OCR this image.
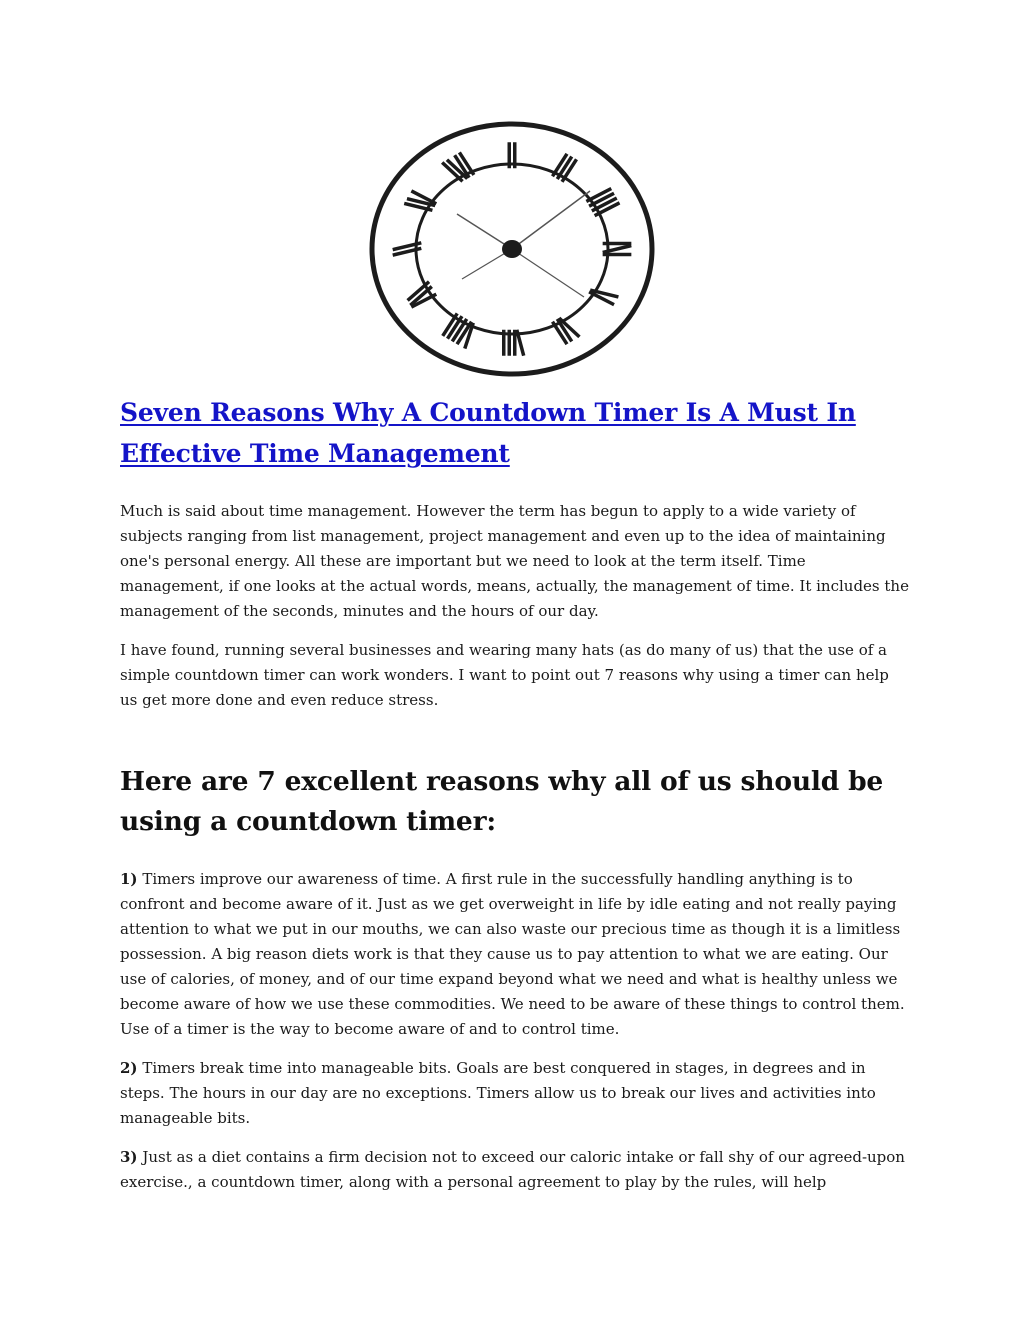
Seven Reasons Why A Countdown Timer Is A Must In Effective Time Management

Much is said about time management. However the term has begun to apply to a wide variety of subjects ranging from list management, project management and even up to the idea of maintaining one's personal energy. All these are important but we need to look at the term itself. Time management, if one looks at the actual words, means, actually, the management of time. It includes the management of the seconds, minutes and the hours of our day.

I have found, running several businesses and wearing many hats (as do many of us) that the use of a simple countdown timer can work wonders. I want to point out 7 reasons why using a timer can help us get more done and even reduce stress.

Here are 7 excellent reasons why all of us should be using a countdown timer:

1) Timers improve our awareness of time. A first rule in the successfully handling anything is to confront and become aware of it. Just as we get overweight in life by idle eating and not really paying attention to what we put in our mouths, we can also waste our precious time as though it is a limitless possession. A big reason diets work is that they cause us to pay attention to what we are eating. Our use of calories, of money, and of our time expand beyond what we need and what is healthy unless we become aware of how we use these commodities. We need to be aware of these things to control them. Use of a timer is the way to become aware of and to control time.

2) Timers break time into manageable bits. Goals are best conquered in stages, in degrees and in steps. The hours in our day are no exceptions. Timers allow us to break our lives and activities into manageable bits.

3) Just as a diet contains a firm decision not to exceed our caloric intake or fall shy of our agreed-upon exercise., a countdown timer, along with a personal agreement to play by the rules, will help
